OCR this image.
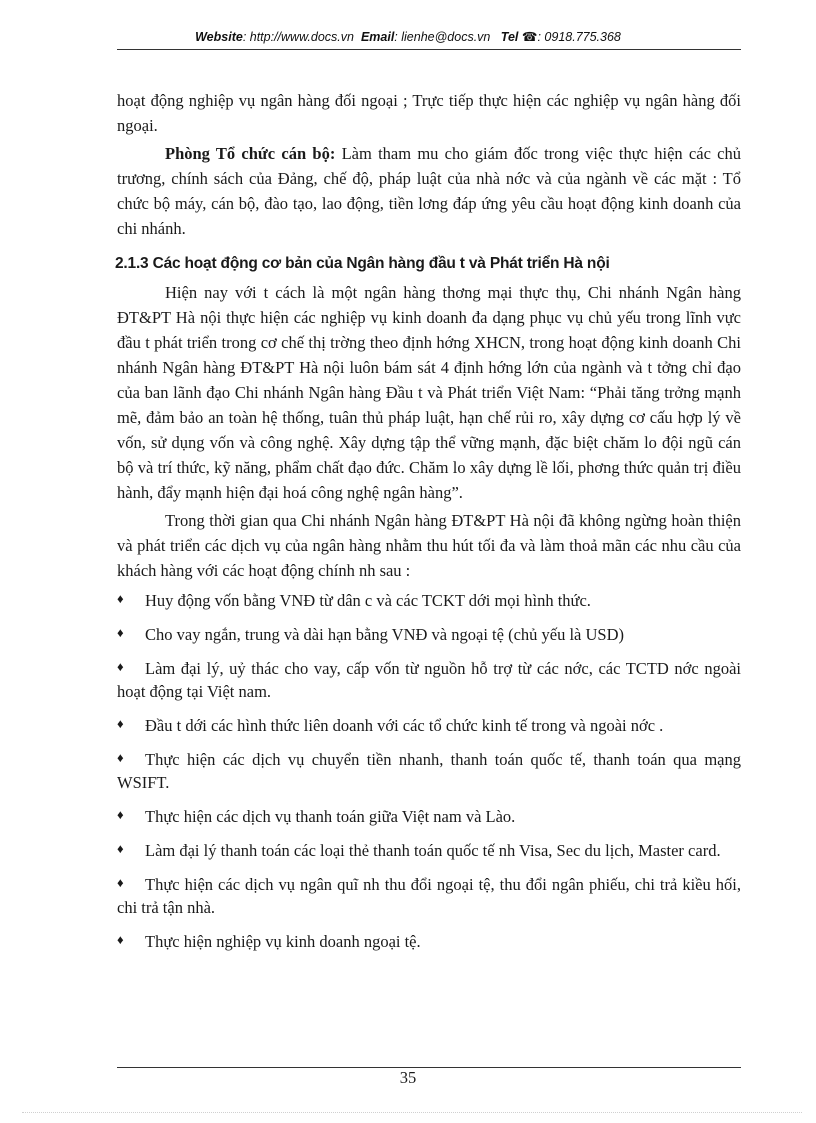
Website: http://www.docs.vn Email: lienhe@docs.vn Tel ☎: 0918.775.368

hoạt động nghiệp vụ ngân hàng đối ngoại ; Trực tiếp thực hiện các nghiệp vụ ngân hàng đối ngoại.

Phòng Tổ chức cán bộ: Làm tham mu cho giám đốc trong việc thực hiện các chủ trương, chính sách của Đảng, chế độ, pháp luật của nhà nớc và của ngành về các mặt : Tổ chức bộ máy, cán bộ, đào tạo, lao động, tiền lơng đáp ứng yêu cầu hoạt động kinh doanh của chi nhánh.

2.1.3 Các hoạt động cơ bản của Ngân hàng đầu t và Phát triển Hà nội

Hiện nay với t cách là một ngân hàng thơng mại thực thụ, Chi nhánh Ngân hàng ĐT&PT Hà nội thực hiện các nghiệp vụ kinh doanh đa dạng phục vụ chủ yếu trong lĩnh vực đầu t phát triển trong cơ chế thị trờng theo định hớng XHCN, trong hoạt động kinh doanh Chi nhánh Ngân hàng ĐT&PT Hà nội luôn bám sát 4 định hớng lớn của ngành và t tởng chỉ đạo của ban lãnh đạo Chi nhánh Ngân hàng Đầu t và Phát triển Việt Nam: “Phải tăng trởng mạnh mẽ, đảm bảo an toàn hệ thống, tuân thủ pháp luật, hạn chế rủi ro, xây dựng cơ cấu hợp lý về vốn, sử dụng vốn và công nghệ. Xây dựng tập thể vững mạnh, đặc biệt chăm lo đội ngũ cán bộ và trí thức, kỹ năng, phẩm chất đạo đức. Chăm lo xây dựng lề lối, phơng thức quản trị điều hành, đẩy mạnh hiện đại hoá công nghệ ngân hàng”.

Trong thời gian qua Chi nhánh Ngân hàng ĐT&PT Hà nội đã không ngừng hoàn thiện và phát triển các dịch vụ của ngân hàng nhằm thu hút tối đa và làm thoả mãn các nhu cầu của khách hàng với các hoạt động chính nh sau :

♦ Huy động vốn bằng VNĐ từ dân c và các TCKT dới mọi hình thức.
♦ Cho vay ngắn, trung và dài hạn bằng VNĐ và ngoại tệ (chủ yếu là USD)
♦ Làm đại lý, uỷ thác cho vay, cấp vốn từ nguồn hỗ trợ từ các nớc, các TCTD nớc ngoài hoạt động tại Việt nam.
♦ Đầu t dới các hình thức liên doanh với các tổ chức kinh tế trong và ngoài nớc .
♦ Thực hiện các dịch vụ chuyển tiền nhanh, thanh toán quốc tế, thanh toán qua mạng WSIFT.
♦ Thực hiện các dịch vụ thanh toán giữa Việt nam và Lào.
♦ Làm đại lý thanh toán các loại thẻ thanh toán quốc tế nh Visa, Sec du lịch, Master card.
♦ Thực hiện các dịch vụ ngân quĩ nh thu đổi ngoại tệ, thu đổi ngân phiếu, chi trả kiều hối, chi trả tận nhà.
♦ Thực hiện nghiệp vụ kinh doanh ngoại tệ.
35
